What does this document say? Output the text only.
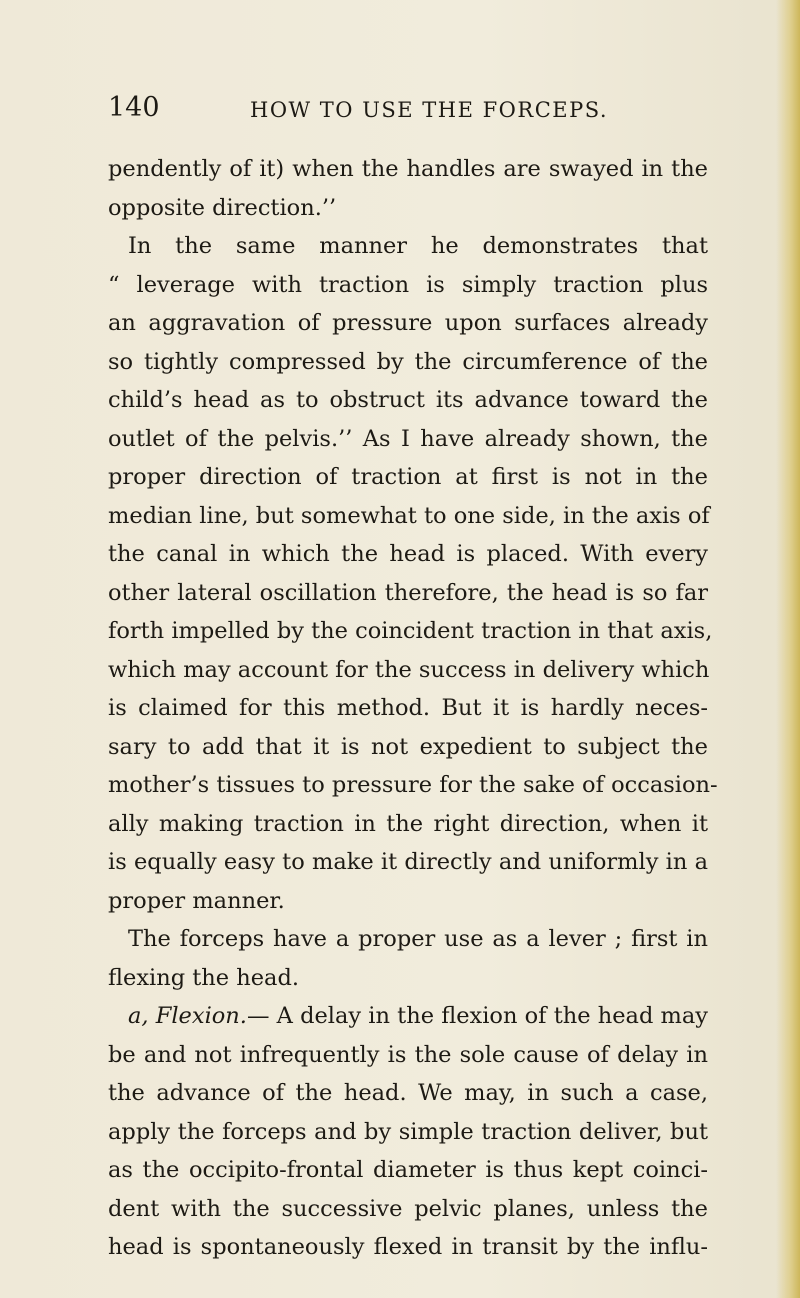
140	HOW TO USE THE FORCEPS.
pendently of it) when the handles are swayed in the
opposite direction.’’
In the same manner he demonstrates that
“ leverage with traction is simply traction plus
an aggravation of pressure upon surfaces already
so tightly compressed by the circumference of the
child’s head as to obstruct its advance toward the
outlet of the pelvis.’’ As I have already shown, the
proper direction of traction at first is not in the
median line, but somewhat to one side, in the axis of
the canal in which the head is placed. With every
other lateral oscillation therefore, the head is so far
forth impelled by the coincident traction in that axis,
which may account for the success in delivery which
is claimed for this method. But it is hardly neces-
sary to add that it is not expedient to subject the
mother’s tissues to pressure for the sake of occasion-
ally making traction in the right direction, when it
is equally easy to make it directly and uniformly in a
proper manner.
The forceps have a proper use as a lever ; first in
flexing the head.
a, Flexion.— A delay in the flexion of the head may
be and not infrequently is the sole cause of delay in
the advance of the head. We may, in such a case,
apply the forceps and by simple traction deliver, but
as the occipito-frontal diameter is thus kept coinci-
dent with the successive pelvic planes, unless the
head is spontaneously flexed in transit by the influ-
